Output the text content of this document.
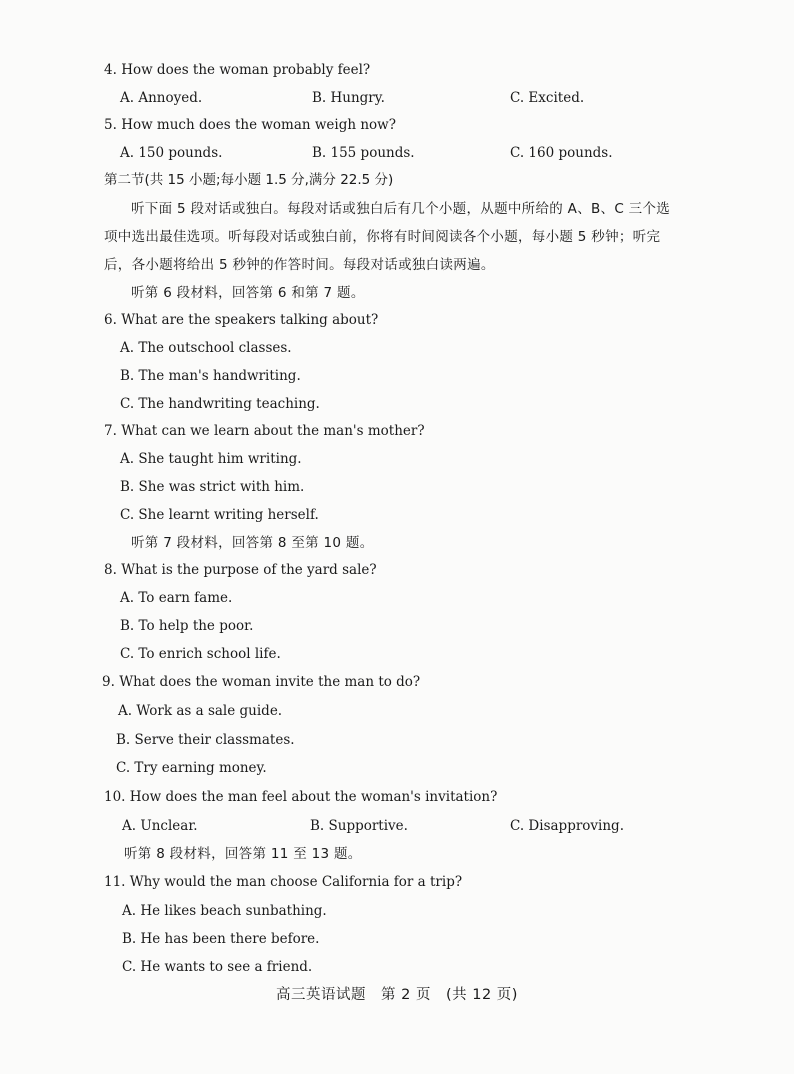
4. How does the woman probably feel?
A. Annoyed.	B. Hungry.	C. Excited.
5. How much does the woman weigh now?
A. 150 pounds.	B. 155 pounds.	C. 160 pounds.
第二节(共 15 小题;每小题 1.5 分,满分 22.5 分)
听下面 5 段对话或独白。每段对话或独白后有几个小题，从题中所给的 A、B、C 三个选
项中选出最佳选项。听每段对话或独白前，你将有时间阅读各个小题，每小题 5 秒钟；听完
后，各小题将给出 5 秒钟的作答时间。每段对话或独白读两遍。
听第 6 段材料，回答第 6 和第 7 题。
6. What are the speakers talking about?
A. The outschool classes.
B. The man's handwriting.
C. The handwriting teaching.
7. What can we learn about the man's mother?
A. She taught him writing.
B. She was strict with him.
C. She learnt writing herself.
听第 7 段材料，回答第 8 至第 10 题。
8. What is the purpose of the yard sale?
A. To earn fame.
B. To help the poor.
C. To enrich school life.
9. What does the woman invite the man to do?
A. Work as a sale guide.
B. Serve their classmates.
C. Try earning money.
10. How does the man feel about the woman's invitation?
A. Unclear.	B. Supportive.	C. Disapproving.
听第 8 段材料，回答第 11 至 13 题。
11. Why would the man choose California for a trip?
A. He likes beach sunbathing.
B. He has been there before.
C. He wants to see a friend.
高三英语试题　第 2 页　(共 12 页)
